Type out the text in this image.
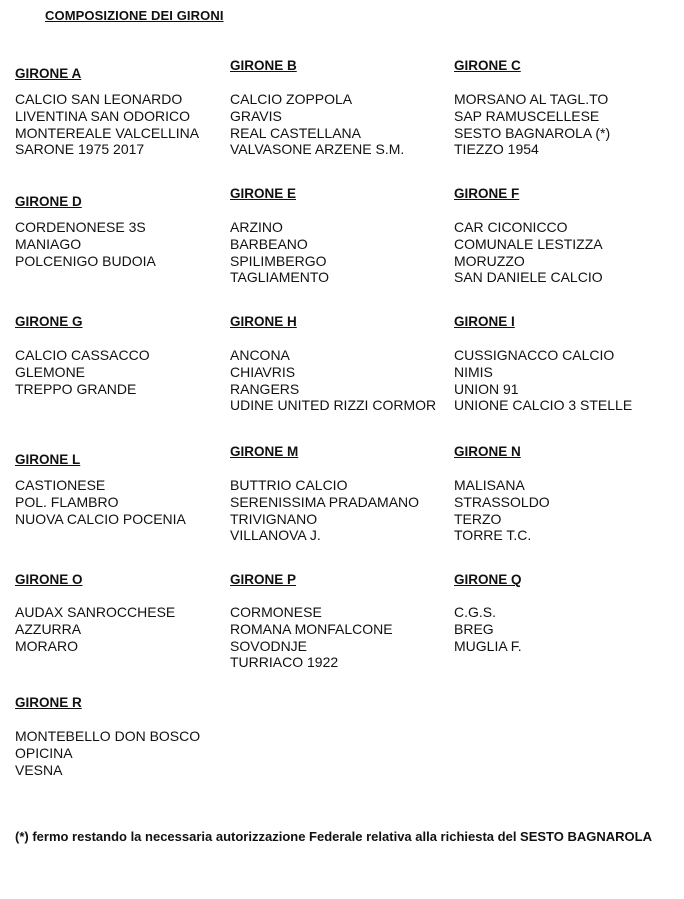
COMPOSIZIONE DEI GIRONI
GIRONE A
CALCIO SAN LEONARDO
LIVENTINA SAN ODORICO
MONTEREALE VALCELLINA
SARONE 1975 2017
GIRONE B
CALCIO ZOPPOLA
GRAVIS
REAL CASTELLANA
VALVASONE ARZENE S.M.
GIRONE C
MORSANO AL TAGL.TO
SAP RAMUSCELLESE
SESTO BAGNAROLA (*)
TIEZZO 1954
GIRONE D
CORDENONESE 3S
MANIAGO
POLCENIGO BUDOIA
GIRONE E
ARZINO
BARBEANO
SPILIMBERGO
TAGLIAMENTO
GIRONE F
CAR CICONICCO
COMUNALE LESTIZZA
MORUZZO
SAN DANIELE CALCIO
GIRONE G
CALCIO CASSACCO
GLEMONE
TREPPO GRANDE
GIRONE H
ANCONA
CHIAVRIS
RANGERS
UDINE UNITED RIZZI CORMOR
GIRONE I
CUSSIGNACCO CALCIO
NIMIS
UNION 91
UNIONE CALCIO 3 STELLE
GIRONE L
CASTIONESE
POL. FLAMBRO
NUOVA CALCIO POCENIA
GIRONE M
BUTTRIO CALCIO
SERENISSIMA PRADAMANO
TRIVIGNANO
VILLANOVA J.
GIRONE N
MALISANA
STRASSOLDO
TERZO
TORRE T.C.
GIRONE O
AUDAX SANROCCHESE
AZZURRA
MORARO
GIRONE P
CORMONESE
ROMANA MONFALCONE
SOVODNJE
TURRIACO 1922
GIRONE Q
C.G.S.
BREG
MUGLIA F.
GIRONE R
MONTEBELLO DON BOSCO
OPICINA
VESNA
(*) fermo restando la necessaria autorizzazione Federale relativa alla richiesta del SESTO BAGNAROLA
